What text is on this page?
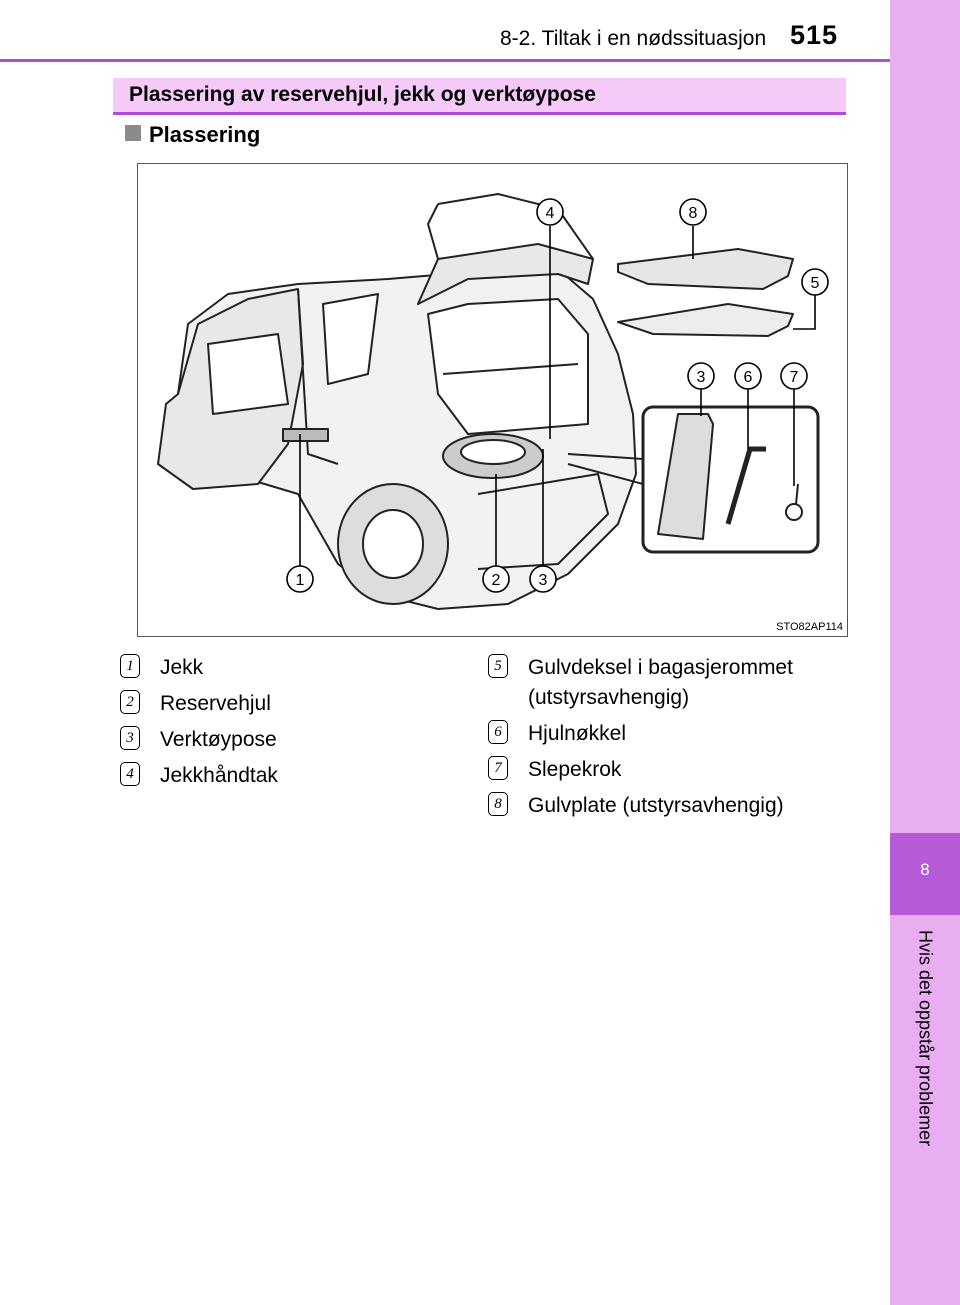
8-2. Tiltak i en nødssituasjon 515
8
Hvis det oppstår problemer
Plassering av reservehjul, jekk og verktøypose
Plassering
1	2 3
4	8
5
3 6 7
STO82AP114
1 Jekk
2 Reservehjul
3 Verktøypose
4 Jekkhåndtak
5 Gulvdeksel i bagasjerommet
(utstyrsavhengig)
6 Hjulnøkkel
7 Slepekrok
8 Gulvplate (utstyrsavhengig)
